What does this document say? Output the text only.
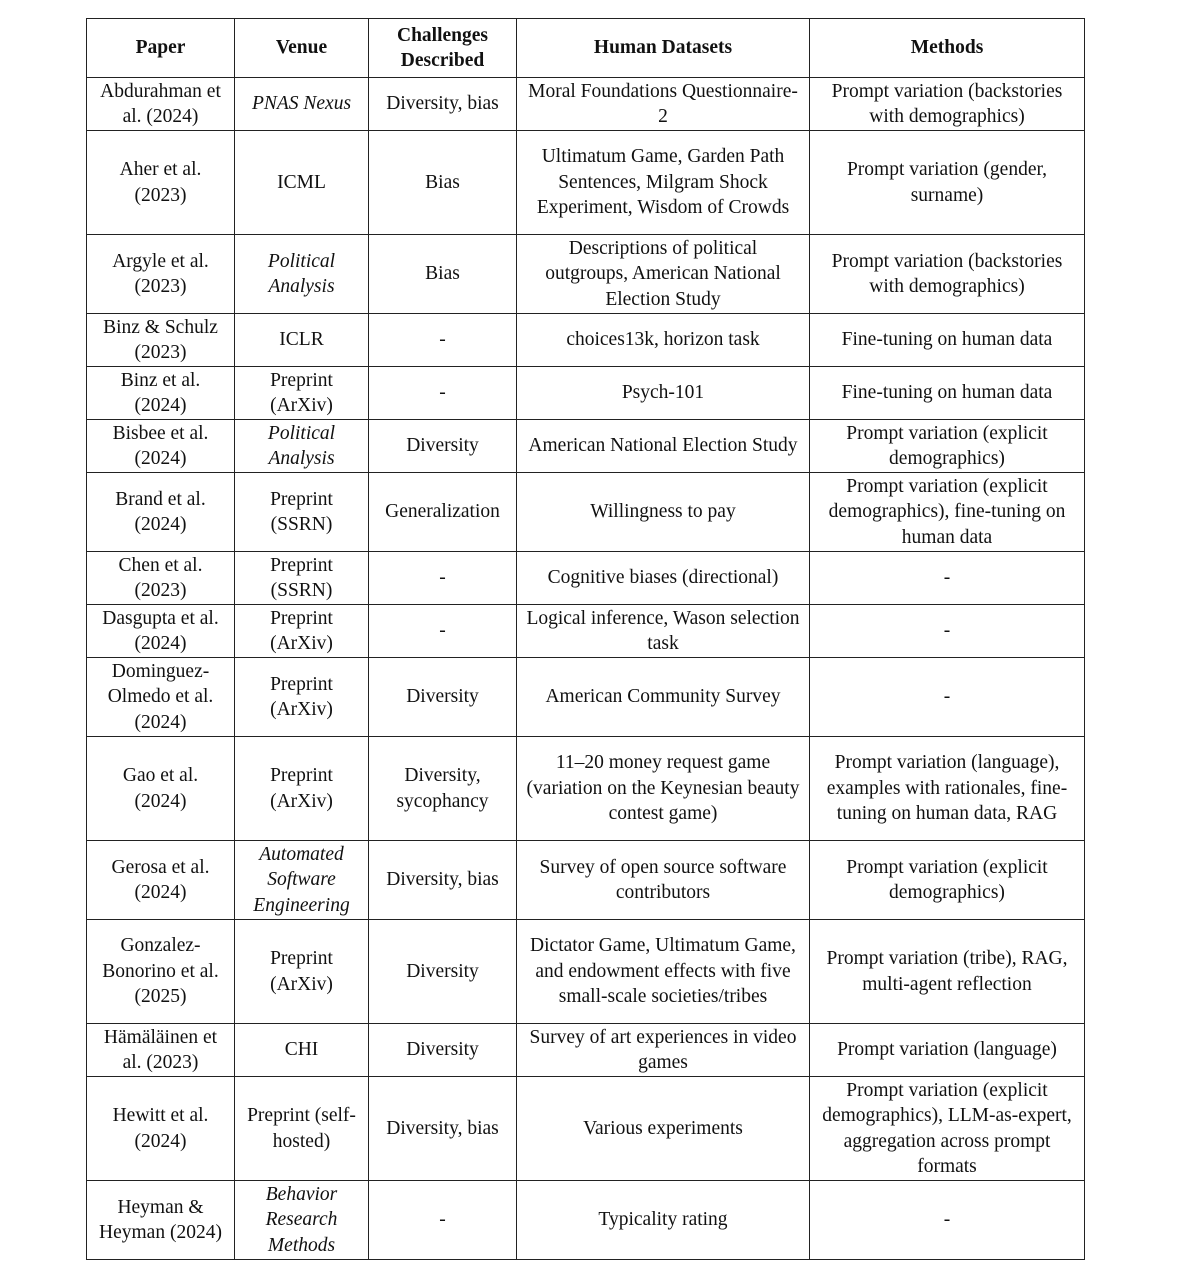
Paper	Venue	Challenges Described	Human Datasets	Methods
Abdurahman et al. (2024)	PNAS Nexus	Diversity, bias	Moral Foundations Questionnaire-2	Prompt variation (backstories with demographics)
Aher et al. (2023)	ICML	Bias	Ultimatum Game, Garden Path Sentences, Milgram Shock Experiment, Wisdom of Crowds	Prompt variation (gender, surname)
Argyle et al. (2023)	Political Analysis	Bias	Descriptions of political outgroups, American National Election Study	Prompt variation (backstories with demographics)
Binz & Schulz (2023)	ICLR	-	choices13k, horizon task	Fine-tuning on human data
Binz et al. (2024)	Preprint (ArXiv)	-	Psych-101	Fine-tuning on human data
Bisbee et al. (2024)	Political Analysis	Diversity	American National Election Study	Prompt variation (explicit demographics)
Brand et al. (2024)	Preprint (SSRN)	Generalization	Willingness to pay	Prompt variation (explicit demographics), fine-tuning on human data
Chen et al. (2023)	Preprint (SSRN)	-	Cognitive biases (directional)	-
Dasgupta et al. (2024)	Preprint (ArXiv)	-	Logical inference, Wason selection task	-
Dominguez-Olmedo et al. (2024)	Preprint (ArXiv)	Diversity	American Community Survey	-
Gao et al. (2024)	Preprint (ArXiv)	Diversity, sycophancy	11–20 money request game (variation on the Keynesian beauty contest game)	Prompt variation (language), examples with rationales, fine-tuning on human data, RAG
Gerosa et al. (2024)	Automated Software Engineering	Diversity, bias	Survey of open source software contributors	Prompt variation (explicit demographics)
Gonzalez-Bonorino et al. (2025)	Preprint (ArXiv)	Diversity	Dictator Game, Ultimatum Game, and endowment effects with five small-scale societies/tribes	Prompt variation (tribe), RAG, multi-agent reflection
Hämäläinen et al. (2023)	CHI	Diversity	Survey of art experiences in video games	Prompt variation (language)
Hewitt et al. (2024)	Preprint (self-hosted)	Diversity, bias	Various experiments	Prompt variation (explicit demographics), LLM-as-expert, aggregation across prompt formats
Heyman & Heyman (2024)	Behavior Research Methods	-	Typicality rating	-
